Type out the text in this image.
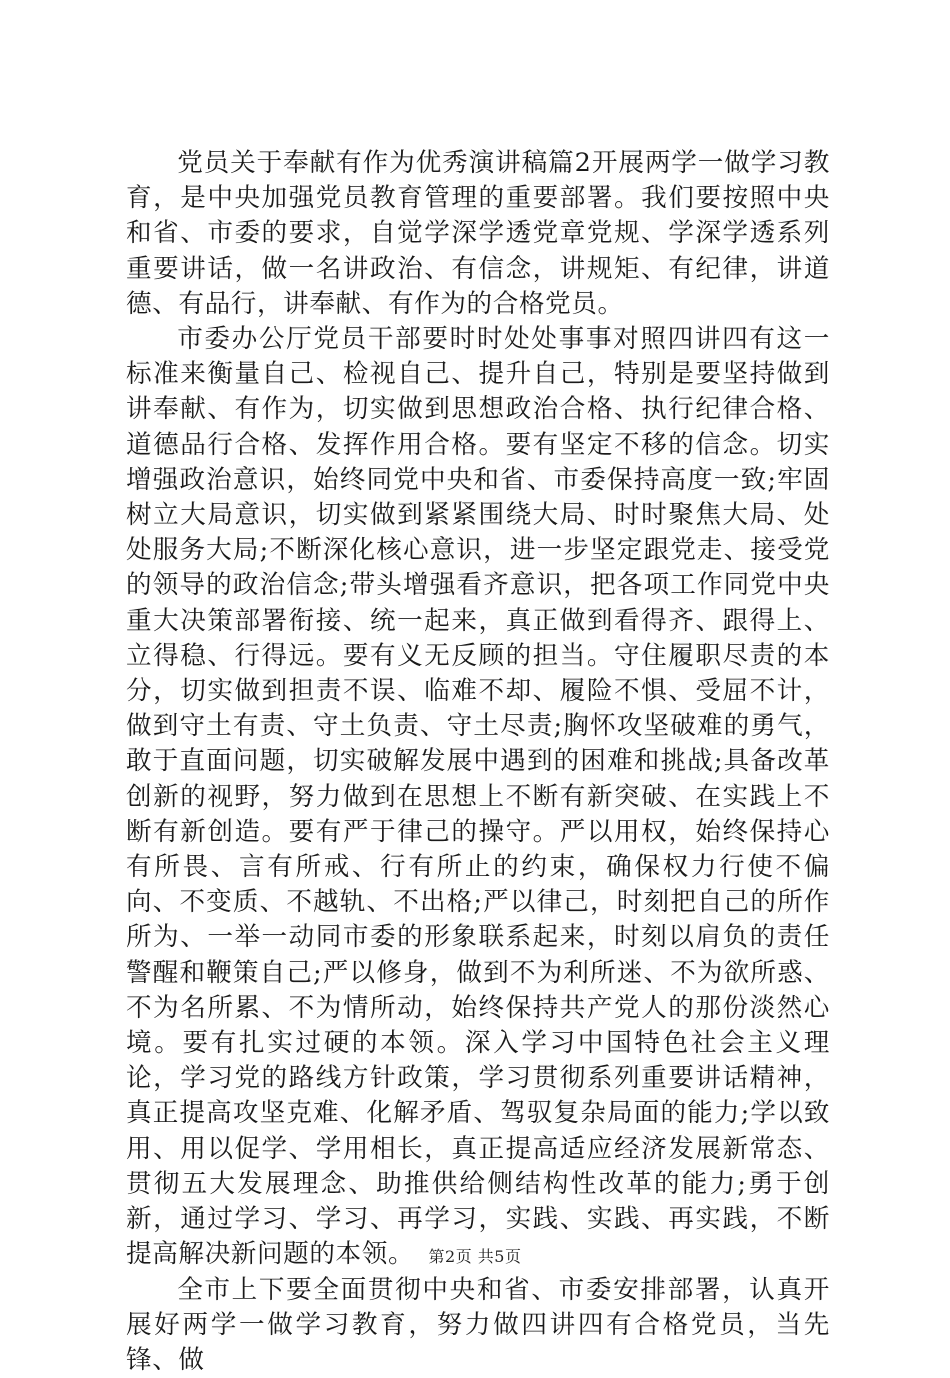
党员关于奉献有作为优秀演讲稿篇2开展两学一做学习教育，是中央加强党员教育管理的重要部署。我们要按照中央和省、市委的要求，自觉学深学透党章党规、学深学透系列重要讲话，做一名讲政治、有信念，讲规矩、有纪律，讲道德、有品行，讲奉献、有作为的合格党员。

市委办公厅党员干部要时时处处事事对照四讲四有这一标准来衡量自己、检视自己、提升自己，特别是要坚持做到讲奉献、有作为，切实做到思想政治合格、执行纪律合格、道德品行合格、发挥作用合格。要有坚定不移的信念。切实增强政治意识，始终同党中央和省、市委保持高度一致;牢固树立大局意识，切实做到紧紧围绕大局、时时聚焦大局、处处服务大局;不断深化核心意识，进一步坚定跟党走、接受党的领导的政治信念;带头增强看齐意识，把各项工作同党中央重大决策部署衔接、统一起来，真正做到看得齐、跟得上、立得稳、行得远。要有义无反顾的担当。守住履职尽责的本分，切实做到担责不误、临难不却、履险不惧、受屈不计，做到守土有责、守土负责、守土尽责;胸怀攻坚破难的勇气，敢于直面问题，切实破解发展中遇到的困难和挑战;具备改革创新的视野，努力做到在思想上不断有新突破、在实践上不断有新创造。要有严于律己的操守。严以用权，始终保持心有所畏、言有所戒、行有所止的约束，确保权力行使不偏向、不变质、不越轨、不出格;严以律己，时刻把自己的所作所为、一举一动同市委的形象联系起来，时刻以肩负的责任警醒和鞭策自己;严以修身，做到不为利所迷、不为欲所惑、不为名所累、不为情所动，始终保持共产党人的那份淡然心境。要有扎实过硬的本领。深入学习中国特色社会主义理论，学习党的路线方针政策，学习贯彻系列重要讲话精神，真正提高攻坚克难、化解矛盾、驾驭复杂局面的能力;学以致用、用以促学、学用相长，真正提高适应经济发展新常态、贯彻五大发展理念、助推供给侧结构性改革的能力;勇于创新，通过学习、学习、再学习，实践、实践、再实践，不断提高解决新问题的本领。

全市上下要全面贯彻中央和省、市委安排部署，认真开展好两学一做学习教育，努力做四讲四有合格党员，当先锋、做

第2页 共5页
